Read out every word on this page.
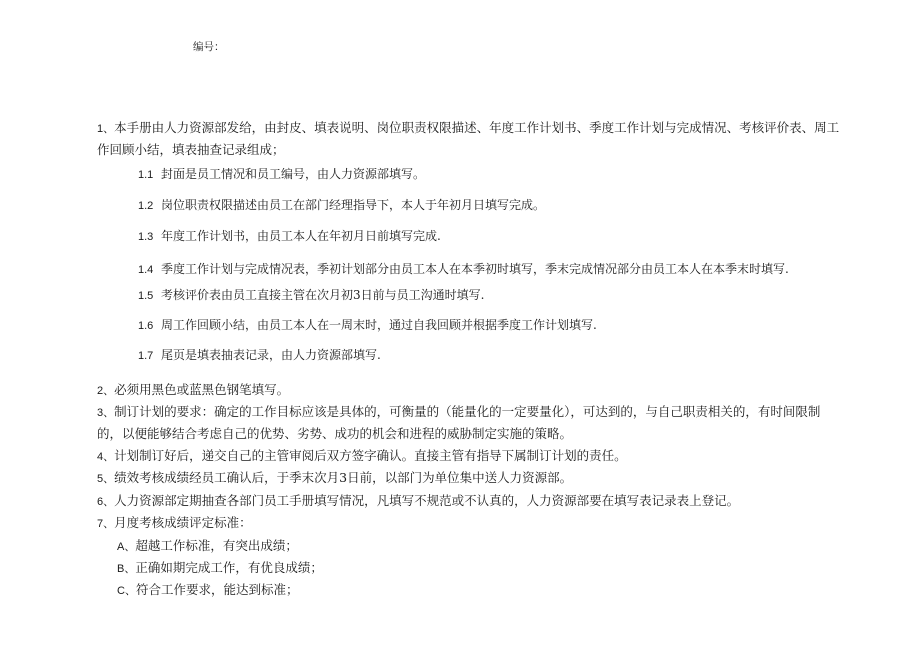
编号：
1、本手册由人力资源部发给，由封皮、填表说明、岗位职责权限描述、年度工作计划书、季度工作计划与完成情况、考核评价表、周工
作回顾小结，填表抽查记录组成；
1.1 封面是员工情况和员工编号，由人力资源部填写。
1.2 岗位职责权限描述由员工在部门经理指导下，本人于年初月日填写完成。
1.3 年度工作计划书，由员工本人在年初月日前填写完成.
1.4 季度工作计划与完成情况表，季初计划部分由员工本人在本季初时填写，季末完成情况部分由员工本人在本季末时填写.
1.5 考核评价表由员工直接主管在次月初3日前与员工沟通时填写.
1.6 周工作回顾小结，由员工本人在一周末时，通过自我回顾并根据季度工作计划填写.
1.7 尾页是填表抽表记录，由人力资源部填写.
2、必须用黑色或蓝黑色钢笔填写。
3、制订计划的要求：确定的工作目标应该是具体的，可衡量的（能量化的一定要量化），可达到的，与自己职责相关的，有时间限制
的，以便能够结合考虑自己的优势、劣势、成功的机会和进程的威胁制定实施的策略。
4、计划制订好后，递交自己的主管审阅后双方签字确认。直接主管有指导下属制订计划的责任。
5、绩效考核成绩经员工确认后，于季末次月3日前，以部门为单位集中送人力资源部。
6、人力资源部定期抽查各部门员工手册填写情况，凡填写不规范或不认真的，人力资源部要在填写表记录表上登记。
7、月度考核成绩评定标准：
A、超越工作标准，有突出成绩；
B、正确如期完成工作，有优良成绩；
C、符合工作要求，能达到标准；
